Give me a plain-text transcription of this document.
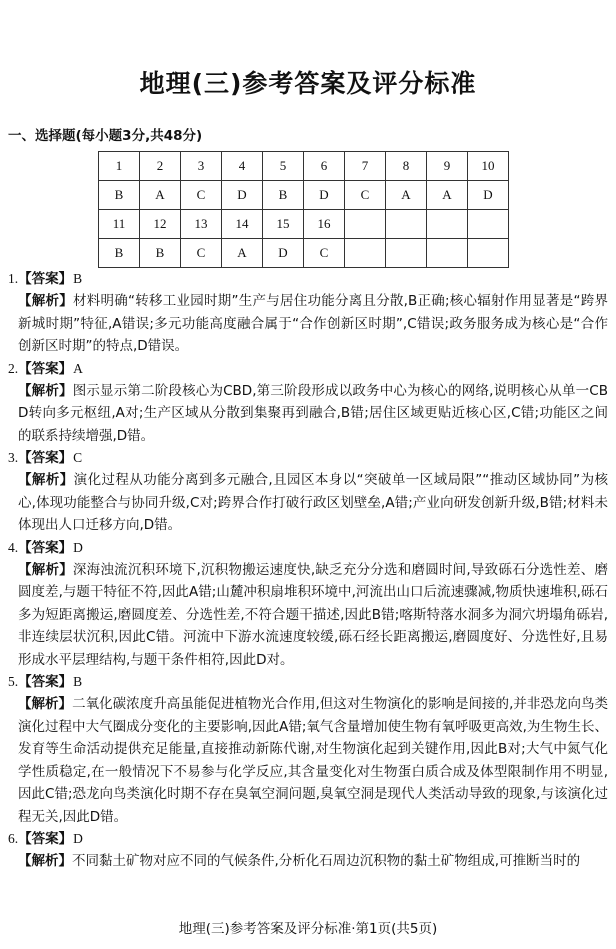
地理(三)参考答案及评分标准
一、选择题(每小题3分,共48分)
1	2	3	4	5	6	7	8	9	10
B	A	C	D	B	D	C	A	A	D
11	12	13	14	15	16				
B	B	C	A	D	C				
1.【答案】B
【解析】材料明确“转移工业园时期”生产与居住功能分离且分散,B正确;核心辐射作用显著是“跨界新城时期”特征,A错误;多元功能高度融合属于“合作创新区时期”,C错误;政务服务成为核心是“合作创新区时期”的特点,D错误。
2.【答案】A
【解析】图示显示第二阶段核心为CBD,第三阶段形成以政务中心为核心的网络,说明核心从单一CBD转向多元枢纽,A对;生产区域从分散到集聚再到融合,B错;居住区域更贴近核心区,C错;功能区之间的联系持续增强,D错。
3.【答案】C
【解析】演化过程从功能分离到多元融合,且园区本身以“突破单一区域局限”“推动区域协同”为核心,体现功能整合与协同升级,C对;跨界合作打破行政区划壁垒,A错;产业向研发创新升级,B错;材料未体现出人口迁移方向,D错。
4.【答案】D
【解析】深海浊流沉积环境下,沉积物搬运速度快,缺乏充分分选和磨圆时间,导致砾石分选性差、磨圆度差,与题干特征不符,因此A错;山麓冲积扇堆积环境中,河流出山口后流速骤减,物质快速堆积,砾石多为短距离搬运,磨圆度差、分选性差,不符合题干描述,因此B错;喀斯特落水洞多为洞穴坍塌角砾岩,非连续层状沉积,因此C错。河流中下游水流速度较缓,砾石经长距离搬运,磨圆度好、分选性好,且易形成水平层理结构,与题干条件相符,因此D对。
5.【答案】B
【解析】二氧化碳浓度升高虽能促进植物光合作用,但这对生物演化的影响是间接的,并非恐龙向鸟类演化过程中大气圈成分变化的主要影响,因此A错;氧气含量增加使生物有氧呼吸更高效,为生物生长、发育等生命活动提供充足能量,直接推动新陈代谢,对生物演化起到关键作用,因此B对;大气中氮气化学性质稳定,在一般情况下不易参与化学反应,其含量变化对生物蛋白质合成及体型限制作用不明显,因此C错;恐龙向鸟类演化时期不存在臭氧空洞问题,臭氧空洞是现代人类活动导致的现象,与该演化过程无关,因此D错。
6.【答案】D
【解析】不同黏土矿物对应不同的气候条件,分析化石周边沉积物的黏土矿物组成,可推断当时的
地理(三)参考答案及评分标准·第1页(共5页)
